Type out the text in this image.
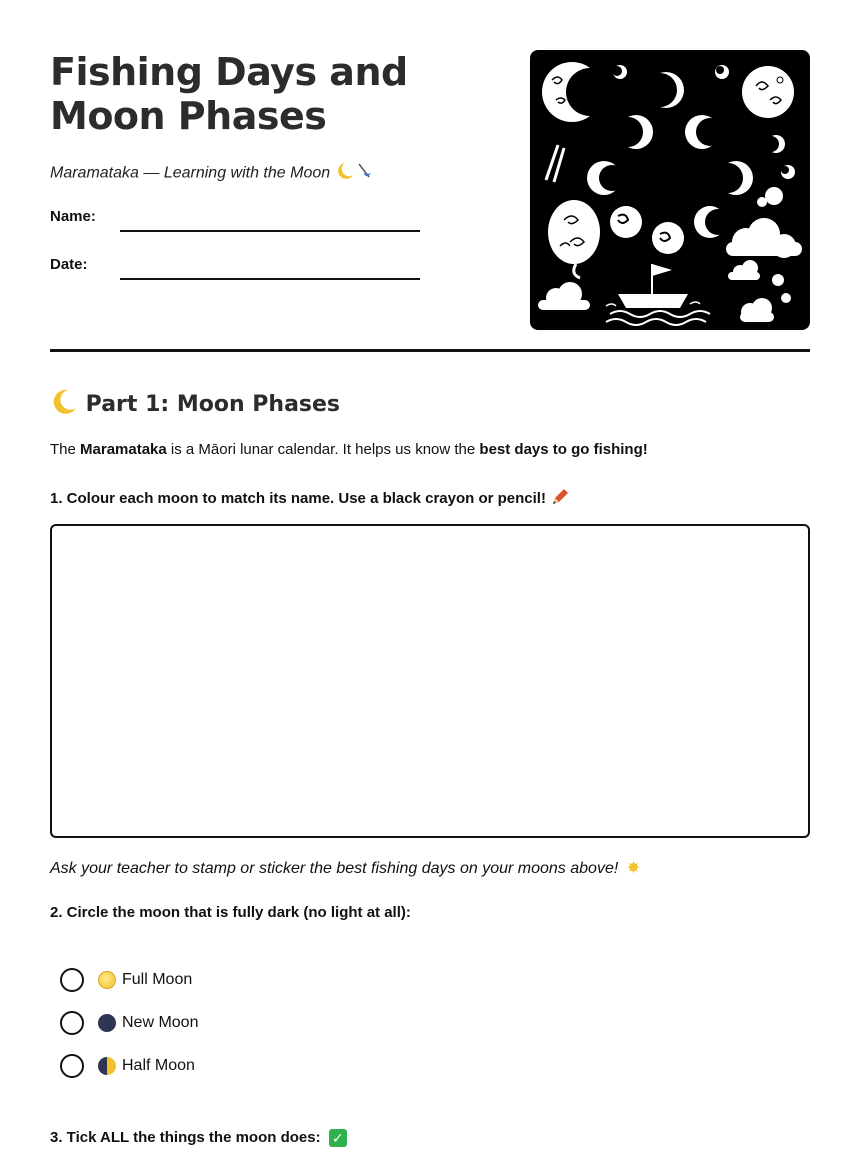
Fishing Days and Moon Phases
Maramataka — Learning with the Moon
Name:
Date:
Part 1: Moon Phases
The Maramataka is a Māori lunar calendar. It helps us know the best days to go fishing!
1. Colour each moon to match its name. Use a black crayon or pencil!
Ask your teacher to stamp or sticker the best fishing days on your moons above! ✸
2. Circle the moon that is fully dark (no light at all):
Full Moon
New Moon
Half Moon
3. Tick ALL the things the moon does: ✓
